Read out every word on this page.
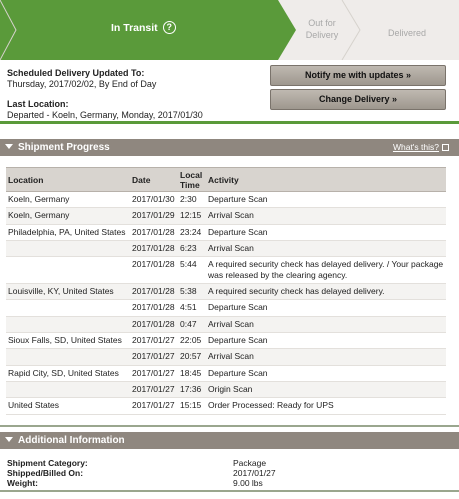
In Transit ?	Out for
Delivery	Delivered
Scheduled Delivery Updated To:
Thursday, 2017/02/02, By End of Day
Last Location:
Departed - Koeln, Germany, Monday, 2017/01/30
Notify me with updates »
Change Delivery »
Shipment Progress	What's this?
Location	Date	Local
Time	Activity
Koeln, Germany	2017/01/30	2:30	Departure Scan
Koeln, Germany	2017/01/29	12:15	Arrival Scan
Philadelphia, PA, United States	2017/01/28	23:24	Departure Scan
	2017/01/28	6:23	Arrival Scan
	2017/01/28	5:44	A required security check has delayed delivery. / Your package was released by the clearing agency.
Louisville, KY, United States	2017/01/28	5:38	A required security check has delayed delivery.
	2017/01/28	4:51	Departure Scan
	2017/01/28	0:47	Arrival Scan
Sioux Falls, SD, United States	2017/01/27	22:05	Departure Scan
	2017/01/27	20:57	Arrival Scan
Rapid City, SD, United States	2017/01/27	18:45	Departure Scan
	2017/01/27	17:36	Origin Scan
United States	2017/01/27	15:15	Order Processed: Ready for UPS
Additional Information
Shipment Category:	Package
Shipped/Billed On:	2017/01/27
Weight:	9.00 lbs
